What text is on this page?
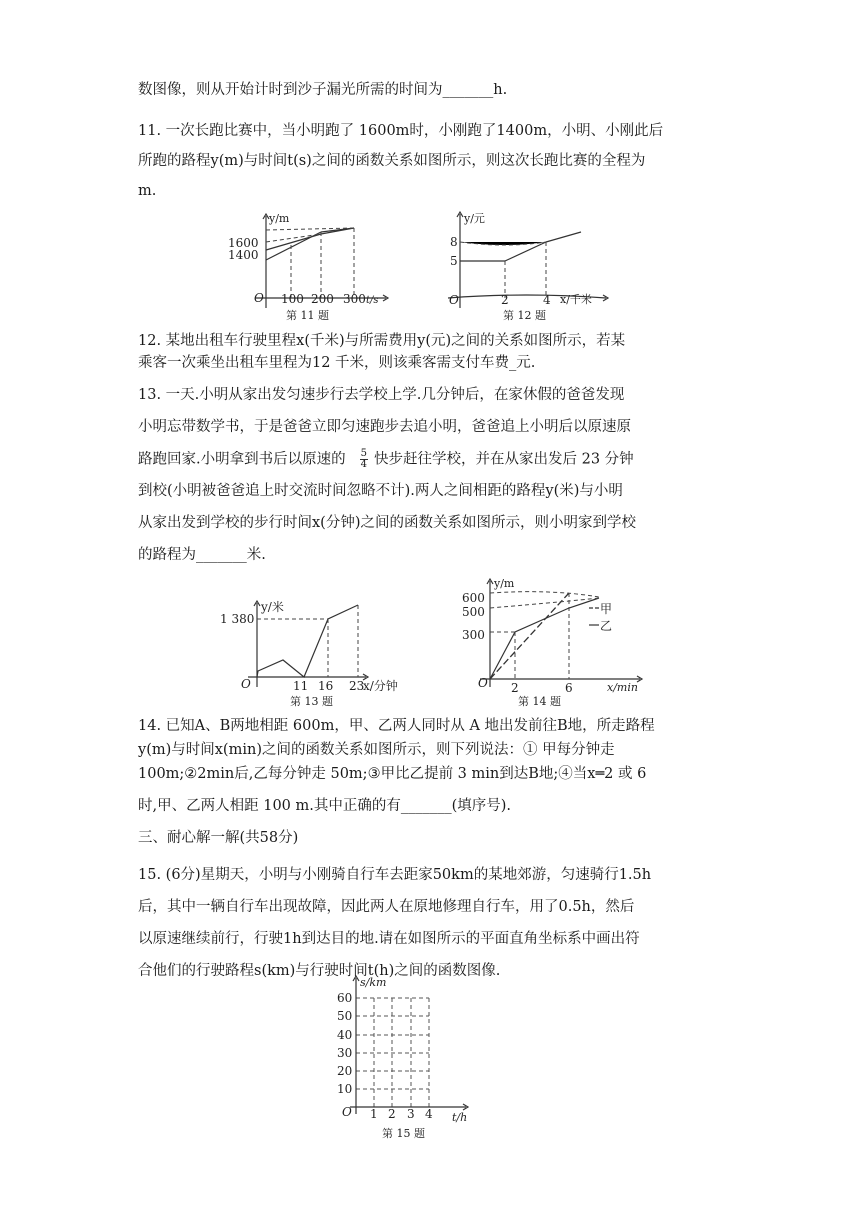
数图像，则从开始计时到沙子漏光所需的时间为_______h.
11. 一次长跑比赛中，当小明跑了 1600m时，小刚跑了1400m，小明、小刚此后
所跑的路程y(m)与时间t(s)之间的函数关系如图所示，则这次长跑比赛的全程为
m.
y/m
1600
1400
O 100 200 300 t/s
第 11 题
y/元
8
5
O	2	4 x/千米
第 12 题
12. 某地出租车行驶里程x(千米)与所需费用y(元)之间的关系如图所示，若某
乘客一次乘坐出租车里程为12 千米，则该乘客需支付车费_元.
13. 一天.小明从家出发匀速步行去学校上学.几分钟后，在家休假的爸爸发现
小明忘带数学书，于是爸爸立即匀速跑步去追小明，爸爸追上小明后以原速原
路跑回家.小明拿到书后以原速的 $\frac{5}{4}$ 快步赶往学校，并在从家出发后 23 分钟
到校(小明被爸爸追上时交流时间忽略不计).两人之间相距的路程y(米)与小明
从家出发到学校的步行时间x(分钟)之间的函数关系如图所示，则小明家到学校
的路程为_______米.
y/米
1 380
O	11 16 23
x/分钟
第 13 题
甲
乙
y/m
600
500
300
O 2	6	x/min
第 14 题
14. 已知A、B两地相距 600m，甲、乙两人同时从 A 地出发前往B地，所走路程
y(m)与时间x(min)之间的函数关系如图所示，则下列说法：① 甲每分钟走
100m;②2min后,乙每分钟走 50m;③甲比乙提前 3 min到达B地;④当x═2 或 6
时,甲、乙两人相距 100 m.其中正确的有_______(填序号).
三、耐心解一解(共58分)
15. (6分)星期天，小明与小刚骑自行车去距家50km的某地郊游，匀速骑行1.5h
后，其中一辆自行车出现故障，因此两人在原地修理自行车，用了0.5h，然后
以原速继续前行，行驶1h到达目的地.请在如图所示的平面直角坐标系中画出符
合他们的行驶路程s(km)与行驶时间t(h)之间的函数图像.
s/km
60
50
40
30
20
10
O 1 2 3 4 t/h
第 15 题
